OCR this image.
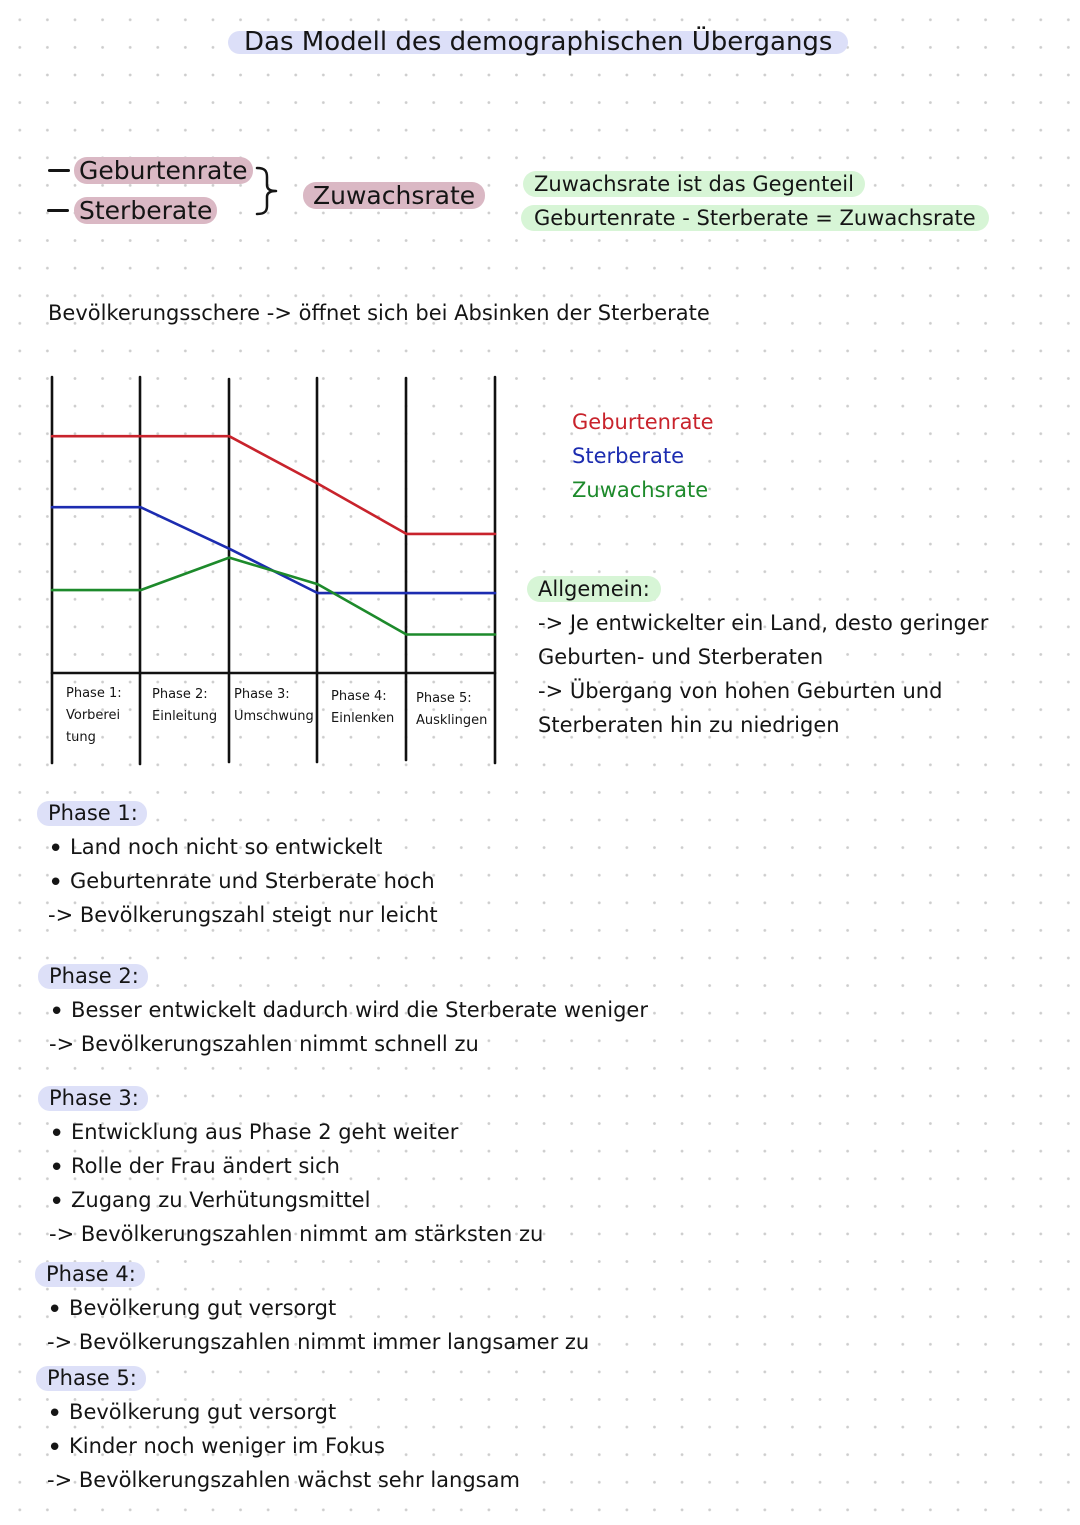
Das Modell des demographischen Übergangs
Geburtenrate
Sterberate
Zuwachsrate	Zuwachsrate ist das Gegenteil
Geburtenrate - Sterberate = Zuwachsrate
Bevölkerungsschere -> öffnet sich bei Absinken der Sterberate
Phase 1:
Vorberei
tung
Phase 2:
Einleitung
Phase 3:
Umschwung
Phase 4:
Einlenken
Phase 5:
Ausklingen
Geburtenrate
Sterberate
Zuwachsrate
Allgemein:
-> Je entwickelter ein Land, desto geringer
Geburten- und Sterberaten
-> Übergang von hohen Geburten und
Sterberaten hin zu niedrigen
Phase 1:
• Land noch nicht so entwickelt
• Geburtenrate und Sterberate hoch
-> Bevölkerungszahl steigt nur leicht
Phase 2:
• Besser entwickelt dadurch wird die Sterberate weniger
-> Bevölkerungszahlen nimmt schnell zu
Phase 3:
• Entwicklung aus Phase 2 geht weiter
• Rolle der Frau ändert sich
• Zugang zu Verhütungsmittel
-> Bevölkerungszahlen nimmt am stärksten zu
Phase 4:
• Bevölkerung gut versorgt
-> Bevölkerungszahlen nimmt immer langsamer zu
Phase 5:
• Bevölkerung gut versorgt
• Kinder noch weniger im Fokus
-> Bevölkerungszahlen wächst sehr langsam
